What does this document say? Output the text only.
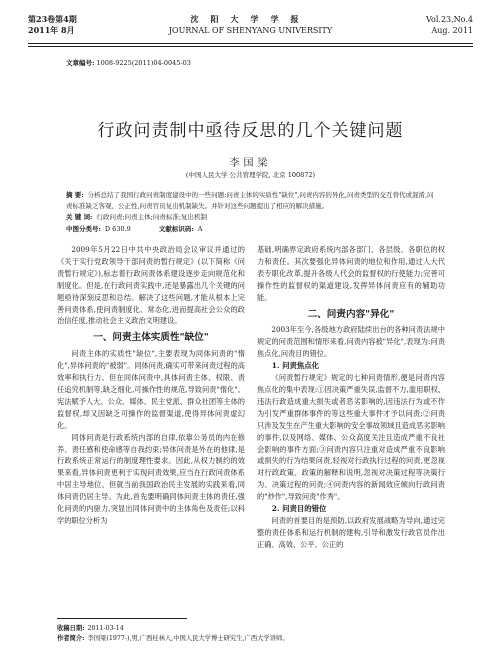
第23卷第4期
2011年 8月
沈阳大学学报
JOURNAL OF SHENYANG UNIVERSITY
Vol.23,No.4
Aug. 2011
文章编号: 1008-9225(2011)04-0045-03
行政问责制中亟待反思的几个关键问题
李国梁
(中国人民大学 公共管理学院, 北京 100872)
摘 要: 分析总结了我国行政问责制度建设中的一些问题:问责主体的实质性"缺位",问责内容的异化,问责类型的交互替代或混淆,问责标准缺乏客观、公正性,问责官员复出机制缺失。并针对这些问题提出了相应的解决措施。
关 键 词: 行政问责;问责主体;问责标准;复出机制
中图分类号: D 630.9	文献标识码: A

2009年5月22日中共中央政治局会议审议并通过的《关于实行党政领导干部问责的暂行规定》(以下简称《问责暂行规定》),标志着行政问责体系建设逐步走向规范化和制度化。但是,在行政问责实践中,还是暴露出几个关键的问题亟待深刻反思和总结。解决了这些问题,才能从根本上完善问责体系,使问责制度化、常态化,进而提高社会公众的政治信任度,推动社会主义政治文明建设。

一、问责主体实质性"缺位"

问责主体的实质性"缺位",主要表现为同体问责的"惰化",异体问责的"被弱"。同体问责,确实可带来问责过程的高效率和执行力。但在同体问责中,具体问责主体、权限、责任追究机制等,缺乏细化,可操作性的规范,导致问责"惰化"。宪法赋予人大、公众、媒体、民主党派、群众社团等主体的监督权,却又因缺乏可操作的监督渠道,使得异体问责虚幻化。

同体问责是行政系统内部的自律,依靠公务员的内在修养、责任感和使命感等自我约束;异体问责是外在的他律,是行政系统正常运行的制度理性要求。因此,从权力制约的效果来看,异体问责更利于实现问责效果,应当在行政问责体系中居主导地位。但就当前我国政治民主发展的实践来看,同体问责仍居主导。为此,首先要明确同体问责主体的责任,强化问责的内驱力,突显出同体问责中的主体角色及责任;以科学的职位分析为

基础,明确界定政府系统内部各部门、各层级、各职位的权力和责任。其次要强化异体问责的地位和作用,通过人大代表专职化改革,提升各级人代会的监督权的行使能力;完善可操作性的监督权的渠道建设,发挥异体问责应有的辅助功能。

二、问责内容"异化"

2003年至今,各级地方政府陆续出台的各种问责法规中规定的问责范围和情形来看,问责内容被"异化",表现为:问责焦点化,问责目的错位。

1. 问责焦点化

《问责暂行规定》规定的七种问责情形,便是问责内容焦点化的集中表现:①因决策严重失误,监督不力,滥用职权、违法行政造成重大损失或者恶劣影响的,因违法行为或不作为引发严重群体事件的等这些重大事件才予以问责;②问责只涉及发生在产生重大影响的安全事故领域且造成恶劣影响的事件,以及网络、媒体、公众高度关注且造成严重不良社会影响的事件方面;③问责内容只注重对造成严重不良影响或损失的行为结果问责,轻视对行政执行过程的问责,更忽视对行政政策、政策的解释和说明,忽视对决策过程等决策行为、决策过程的问责;④问责内容的新闻效应倾向行政问责的"炒作",导致问责"作秀"。

2. 问责目的错位

问责的首要目的是预防,以政府发展战略为导向,通过完整的责任体系和运行机制的建构,引导和激发行政官员作出正确、高效、公平、公正的

收稿日期: 2011-03-14
作者简介: 李国梁(1977-),男,广西桂林人,中国人民大学博士研究生,广西大学讲师。
